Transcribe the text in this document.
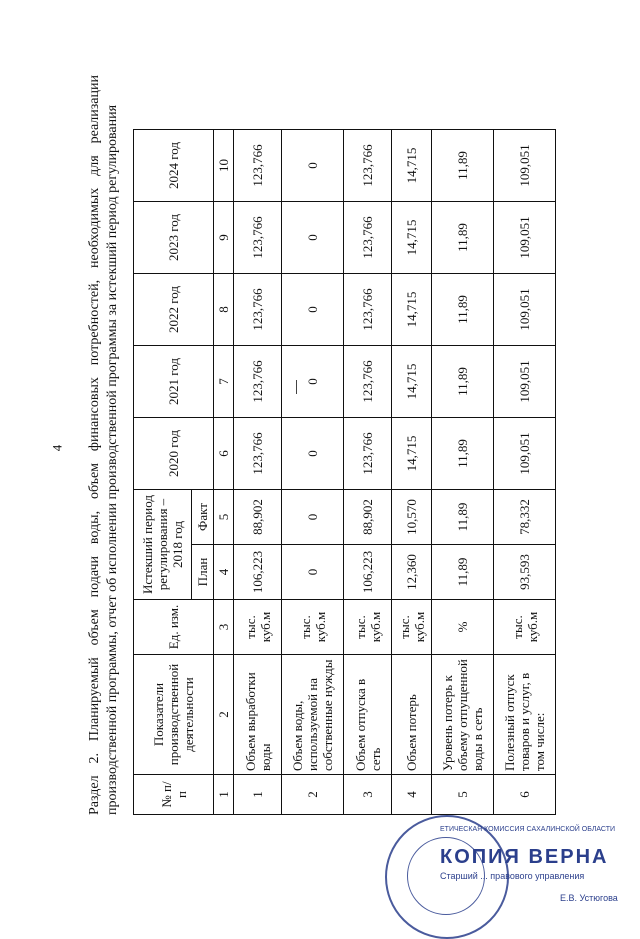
4 Раздел 2. Планируемый объем подачи воды, объем финансовых потребностей, необходимых для реализации производственной программы, отчет об исполнении производственной программы за истекший период регулирования	№ п/п	Показатели производственной деятельности	Ед. изм.	Истекший период регулирования – 2018 год		2020 год	2021 год	2022 год	2023 год	2024 год
			План	Факт					
1	2	3	4	5	6	7	8	9	10
1	Объем выработки воды	тыс. куб.м	106,223	88,902	123,766	123,766	123,766	123,766	123,766
2	Объем воды, используемой на собственные нужды	тыс. куб.м	0	0	0	0	0	0	0
3	Объем отпуска в сеть	тыс. куб.м	106,223	88,902	123,766	123,766	123,766	123,766	123,766
4	Объем потерь	тыс. куб.м	12,360	10,570	14,715	14,715	14,715	14,715	14,715
5	Уровень потерь к объему отпущенной воды в сеть	%	11,89	11,89	11,89	11,89	11,89	11,89	11,89
6	Полезный отпуск товаров и услуг, в том числе:	тыс. куб.м	93,593	78,332	109,051	109,051	109,051	109,051	109,051
ЕТИЧЕСКАЯ КОМИССИЯ САХАЛИНСКОЙ ОБЛАСТИ
КОПИЯ ВЕРНА
Старший ... правового управления
Е.В. Устюгова
